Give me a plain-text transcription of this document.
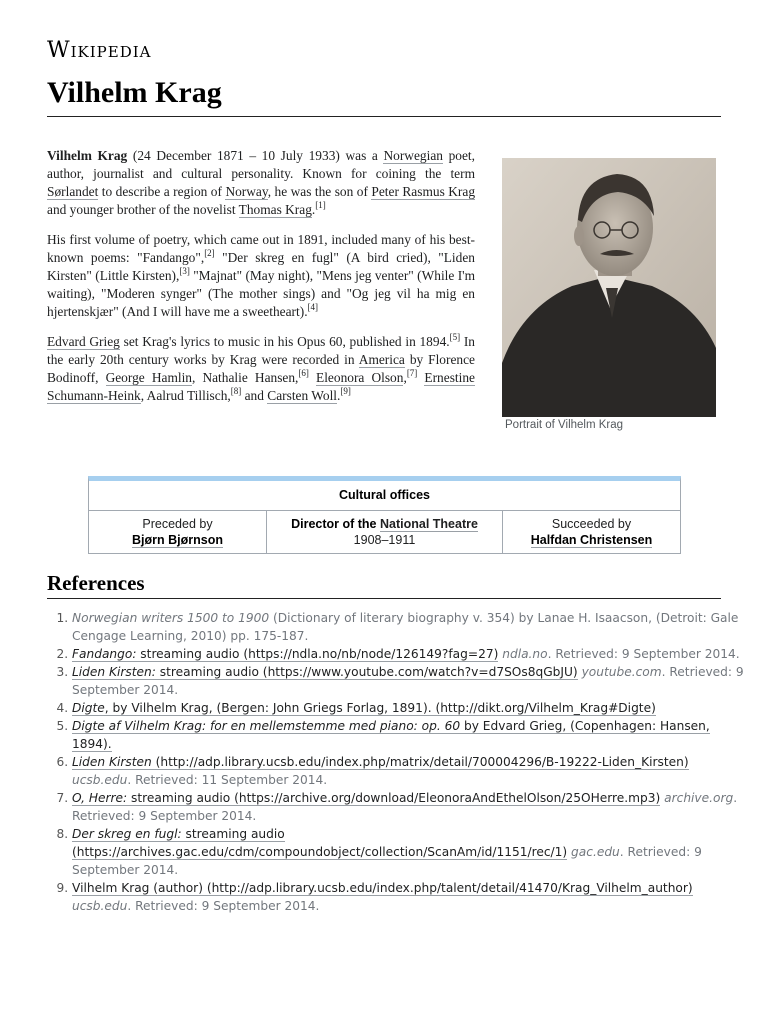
Wikipedia
Vilhelm Krag

Vilhelm Krag (24 December 1871 – 10 July 1933) was a Norwegian poet, author, journalist and cultural personality. Known for coining the term Sørlandet to describe a region of Norway, he was the son of Peter Rasmus Krag and younger brother of the novelist Thomas Krag.[1]

His first volume of poetry, which came out in 1891, included many of his best-known poems: "Fandango",[2] "Der skreg en fugl" (A bird cried), "Liden Kirsten" (Little Kirsten),[3] "Majnat" (May night), "Mens jeg venter" (While I'm waiting), "Moderen synger" (The mother sings) and "Og jeg vil ha mig en hjertenskjær" (And I will have me a sweetheart).[4]

Edvard Grieg set Krag's lyrics to music in his Opus 60, published in 1894.[5] In the early 20th century works by Krag were recorded in America by Florence Bodinoff, George Hamlin, Nathalie Hansen,[6] Eleonora Olson,[7] Ernestine Schumann-Heink, Aalrud Tillisch,[8] and Carsten Woll.[9]

Portrait of Vilhelm Krag
Cultural offices
Preceded by
Bjørn Bjørnson
Director of the National Theatre
1908–1911
Succeeded by
Halfdan Christensen
References
1. Norwegian writers 1500 to 1900 (Dictionary of literary biography v. 354) by Lanae H. Isaacson, (Detroit: Gale Cengage Learning, 2010) pp. 175-187.
2. Fandango: streaming audio (https://ndla.no/nb/node/126149?fag=27) ndla.no. Retrieved: 9 September 2014.
3. Liden Kirsten: streaming audio (https://www.youtube.com/watch?v=d7SOs8qGbJU) youtube.com. Retrieved: 9 September 2014.
4. Digte, by Vilhelm Krag, (Bergen: John Griegs Forlag, 1891). (http://dikt.org/Vilhelm_Krag#Digte)
5. Digte af Vilhelm Krag: for en mellemstemme med piano: op. 60 by Edvard Grieg, (Copenhagen: Hansen, 1894).
6. Liden Kirsten (http://adp.library.ucsb.edu/index.php/matrix/detail/700004296/B-19222-Liden_Kirsten) ucsb.edu. Retrieved: 11 September 2014.
7. O, Herre: streaming audio (https://archive.org/download/EleonoraAndEthelOlson/25OHerre.mp3) archive.org. Retrieved: 9 September 2014.
8. Der skreg en fugl: streaming audio (https://archives.gac.edu/cdm/compoundobject/collection/ScanAm/id/1151/rec/1) gac.edu. Retrieved: 9 September 2014.
9. Vilhelm Krag (author) (http://adp.library.ucsb.edu/index.php/talent/detail/41470/Krag_Vilhelm_author) ucsb.edu. Retrieved: 9 September 2014.
